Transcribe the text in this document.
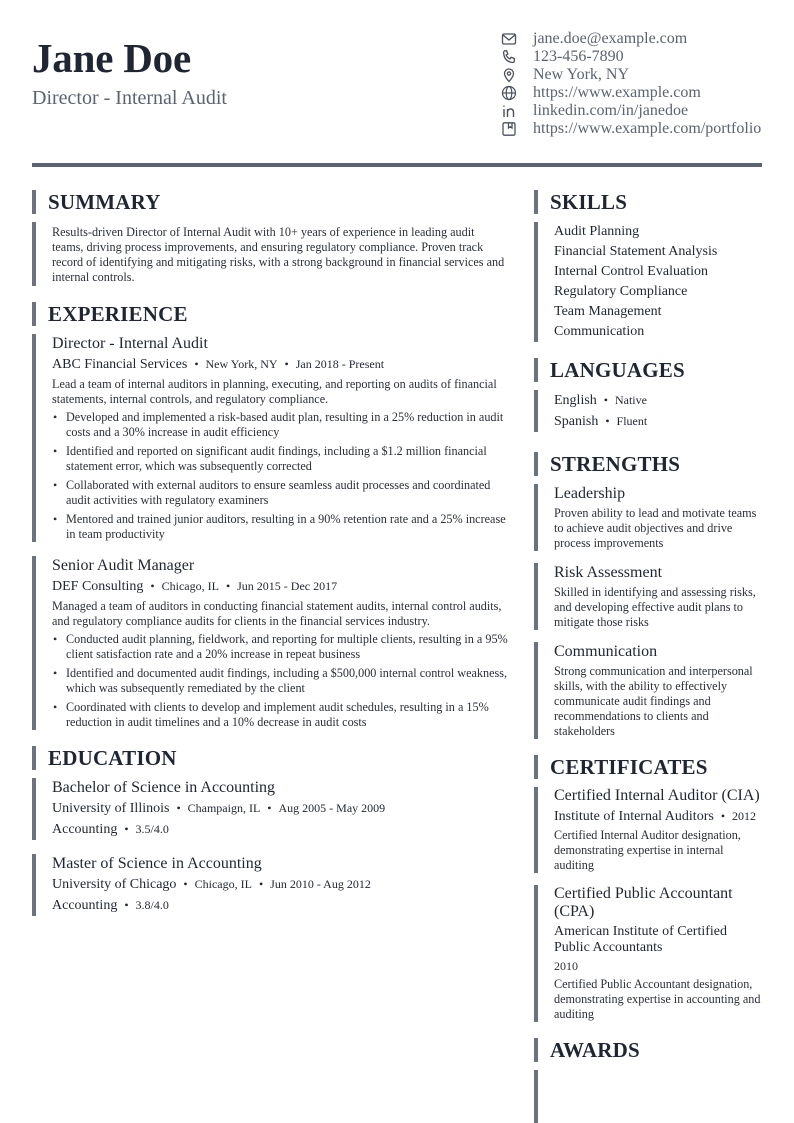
Jane Doe
Director - Internal Audit
jane.doe@example.com
123-456-7890
New York, NY
https://www.example.com
linkedin.com/in/janedoe
https://www.example.com/portfolio
SUMMARY
Results-driven Director of Internal Audit with 10+ years of experience in leading audit teams, driving process improvements, and ensuring regulatory compliance. Proven track record of identifying and mitigating risks, with a strong background in financial services and internal controls.
EXPERIENCE
Director - Internal Audit
ABC Financial Services • New York, NY • Jan 2018 - Present
Lead a team of internal auditors in planning, executing, and reporting on audits of financial statements, internal controls, and regulatory compliance.
• Developed and implemented a risk-based audit plan, resulting in a 25% reduction in audit costs and a 30% increase in audit efficiency
• Identified and reported on significant audit findings, including a $1.2 million financial statement error, which was subsequently corrected
• Collaborated with external auditors to ensure seamless audit processes and coordinated audit activities with regulatory examiners
• Mentored and trained junior auditors, resulting in a 90% retention rate and a 25% increase in team productivity
Senior Audit Manager
DEF Consulting • Chicago, IL • Jun 2015 - Dec 2017
Managed a team of auditors in conducting financial statement audits, internal control audits, and regulatory compliance audits for clients in the financial services industry.
• Conducted audit planning, fieldwork, and reporting for multiple clients, resulting in a 95% client satisfaction rate and a 20% increase in repeat business
• Identified and documented audit findings, including a $500,000 internal control weakness, which was subsequently remediated by the client
• Coordinated with clients to develop and implement audit schedules, resulting in a 15% reduction in audit timelines and a 10% decrease in audit costs
EDUCATION
Bachelor of Science in Accounting
University of Illinois • Champaign, IL • Aug 2005 - May 2009
Accounting • 3.5/4.0
Master of Science in Accounting
University of Chicago • Chicago, IL • Jun 2010 - Aug 2012
Accounting • 3.8/4.0
SKILLS
Audit Planning
Financial Statement Analysis
Internal Control Evaluation
Regulatory Compliance
Team Management
Communication
LANGUAGES
English • Native
Spanish • Fluent
STRENGTHS
Leadership
Proven ability to lead and motivate teams to achieve audit objectives and drive process improvements
Risk Assessment
Skilled in identifying and assessing risks, and developing effective audit plans to mitigate those risks
Communication
Strong communication and interpersonal skills, with the ability to effectively communicate audit findings and recommendations to clients and stakeholders
CERTIFICATES
Certified Internal Auditor (CIA)
Institute of Internal Auditors • 2012
Certified Internal Auditor designation, demonstrating expertise in internal auditing
Certified Public Accountant (CPA)
American Institute of Certified Public Accountants
2010
Certified Public Accountant designation, demonstrating expertise in accounting and auditing
AWARDS
